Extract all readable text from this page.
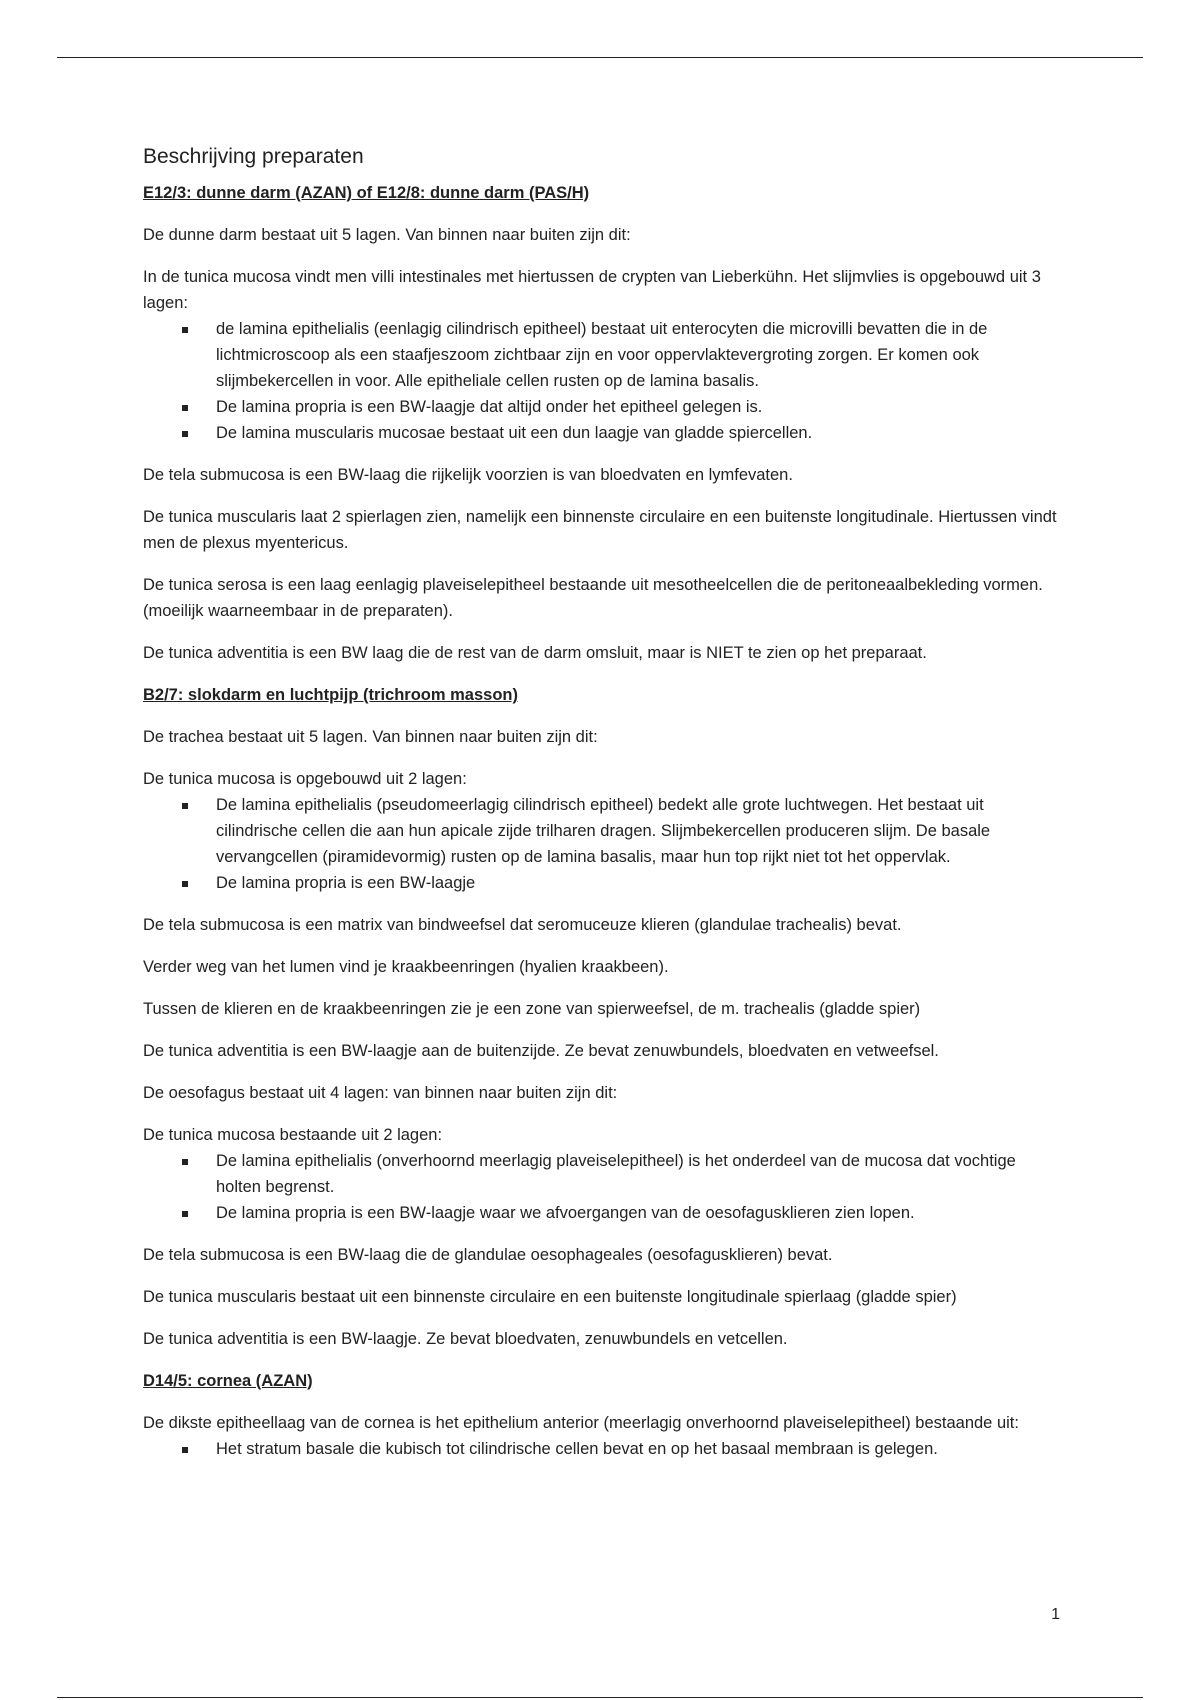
Beschrijving preparaten
E12/3: dunne darm (AZAN) of E12/8: dunne darm (PAS/H)

De dunne darm bestaat uit 5 lagen. Van binnen naar buiten zijn dit:

In de tunica mucosa vindt men villi intestinales met hiertussen de crypten van Lieberkühn. Het slijmvlies is opgebouwd uit 3 lagen:

de lamina epithelialis (eenlagig cilindrisch epitheel) bestaat uit enterocyten die microvilli bevatten die in de lichtmicroscoop als een staafjeszoom zichtbaar zijn en voor oppervlaktevergroting zorgen. Er komen ook slijmbekercellen in voor. Alle epitheliale cellen rusten op de lamina basalis.
De lamina propria is een BW-laagje dat altijd onder het epitheel gelegen is.
De lamina muscularis mucosae bestaat uit een dun laagje van gladde spiercellen.

De tela submucosa is een BW-laag die rijkelijk voorzien is van bloedvaten en lymfevaten.

De tunica muscularis laat 2 spierlagen zien, namelijk een binnenste circulaire en een buitenste longitudinale. Hiertussen vindt men de plexus myentericus.

De tunica serosa is een laag eenlagig plaveiselepitheel bestaande uit mesotheelcellen die de peritoneaalbekleding vormen. (moeilijk waarneembaar in de preparaten).

De tunica adventitia is een BW laag die de rest van de darm omsluit, maar is NIET te zien op het preparaat.

B2/7: slokdarm en luchtpijp (trichroom masson)

De trachea bestaat uit 5 lagen. Van binnen naar buiten zijn dit:

De tunica mucosa is opgebouwd uit 2 lagen:

De lamina epithelialis (pseudomeerlagig cilindrisch epitheel) bedekt alle grote luchtwegen. Het bestaat uit cilindrische cellen die aan hun apicale zijde trilharen dragen. Slijmbekercellen produceren slijm. De basale vervangcellen (piramidevormig) rusten op de lamina basalis, maar hun top rijkt niet tot het oppervlak.
De lamina propria is een BW-laagje

De tela submucosa is een matrix van bindweefsel dat seromuceuze klieren (glandulae trachealis) bevat.

Verder weg van het lumen vind je kraakbeenringen (hyalien kraakbeen).

Tussen de klieren en de kraakbeenringen zie je een zone van spierweefsel, de m. trachealis (gladde spier)

De tunica adventitia is een BW-laagje aan de buitenzijde. Ze bevat zenuwbundels, bloedvaten en vetweefsel.

De oesofagus bestaat uit 4 lagen: van binnen naar buiten zijn dit:

De tunica mucosa bestaande uit 2 lagen:

De lamina epithelialis (onverhoornd meerlagig plaveiselepitheel) is het onderdeel van de mucosa dat vochtige holten begrenst.
De lamina propria is een BW-laagje waar we afvoergangen van de oesofagusklieren zien lopen.

De tela submucosa is een BW-laag die de glandulae oesophageales (oesofagusklieren) bevat.

De tunica muscularis bestaat uit een binnenste circulaire en een buitenste longitudinale spierlaag (gladde spier)

De tunica adventitia is een BW-laagje. Ze bevat bloedvaten, zenuwbundels en vetcellen.

D14/5: cornea (AZAN)

De dikste epitheellaag van de cornea is het epithelium anterior (meerlagig onverhoornd plaveiselepitheel) bestaande uit:

Het stratum basale die kubisch tot cilindrische cellen bevat en op het basaal membraan is gelegen.
1
